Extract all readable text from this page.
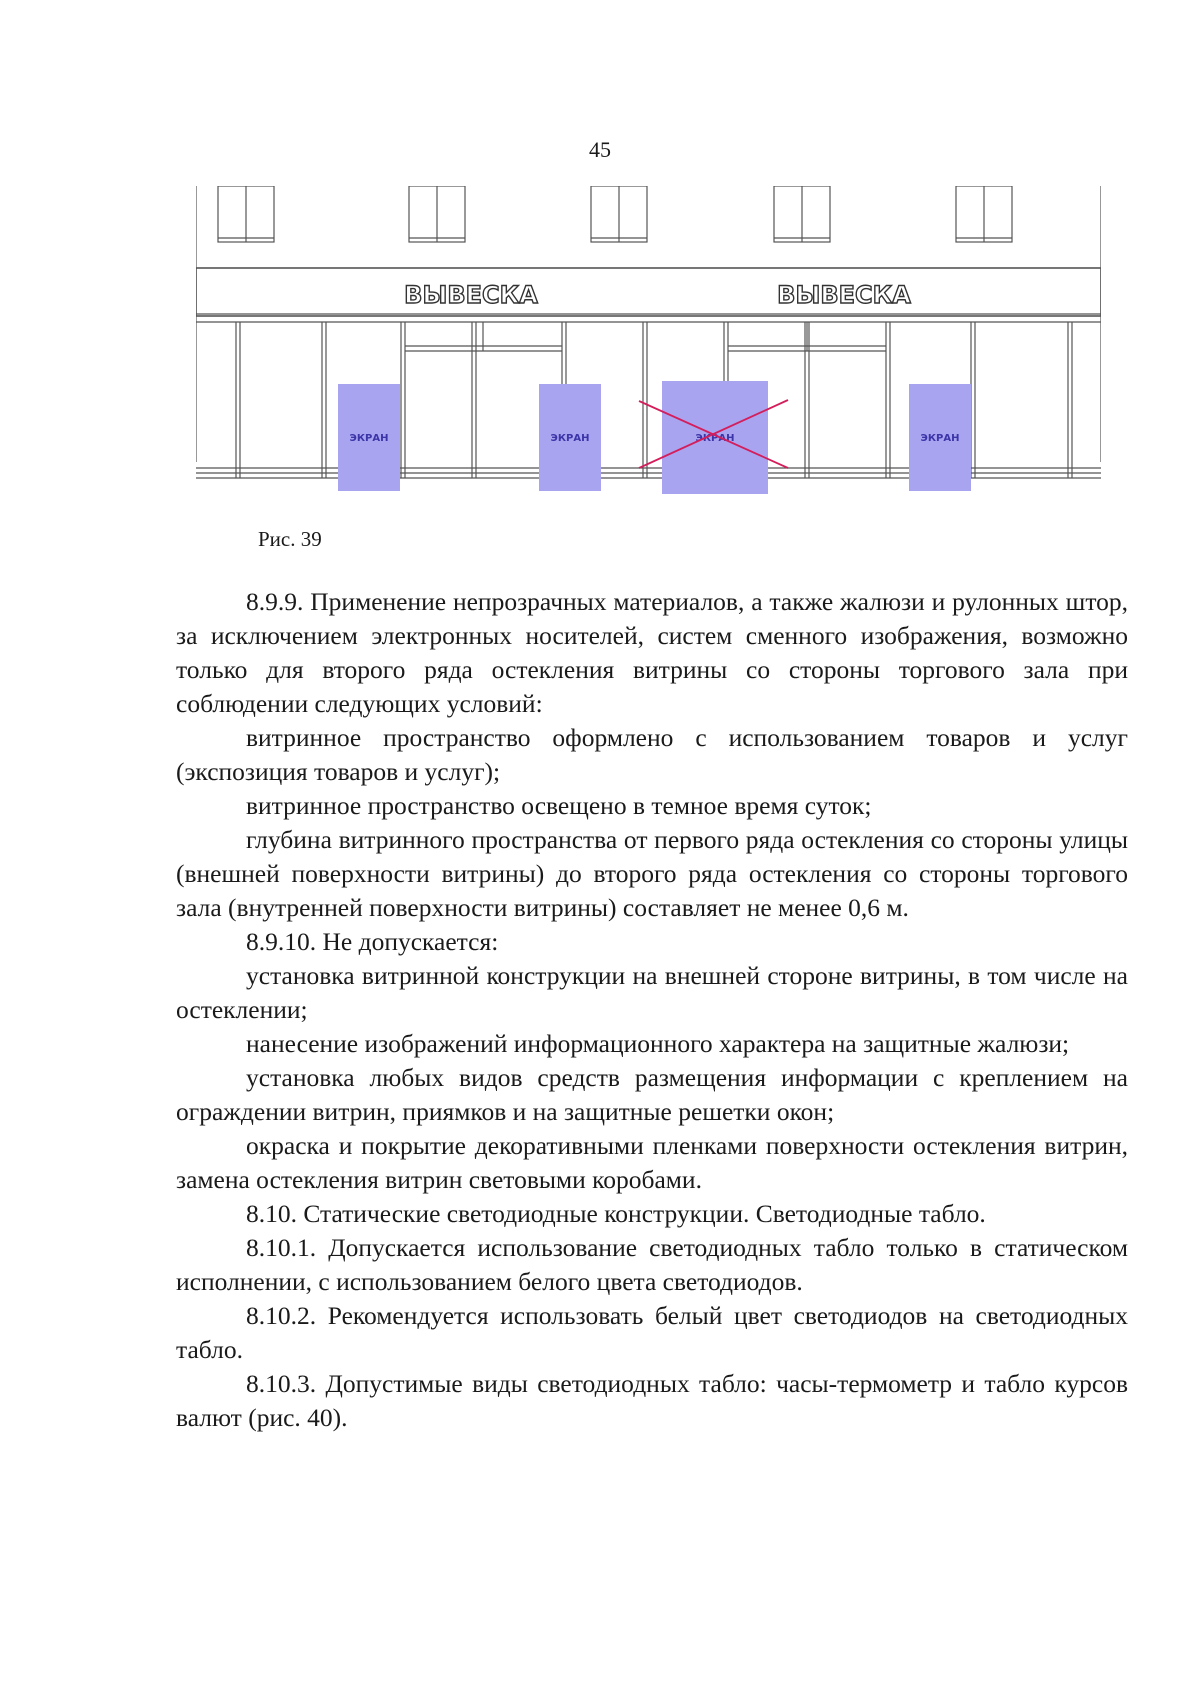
45
ВЫВЕСКА	ВЫВЕСКА
ЭКРАН	ЭКРАН	ЭКРАН	ЭКРАН
Рис. 39

8.9.9. Применение непрозрачных материалов, а также жалюзи и рулонных штор, за исключением электронных носителей, систем сменного изображения, возможно только для второго ряда остекления витрины со стороны торгового зала при соблюдении следующих условий:

витринное пространство оформлено с использованием товаров и услуг (экспозиция товаров и услуг);

витринное пространство освещено в темное время суток;

глубина витринного пространства от первого ряда остекления со стороны улицы (внешней поверхности витрины) до второго ряда остекления со стороны торгового зала (внутренней поверхности витрины) составляет не менее 0,6 м.

8.9.10. Не допускается:

установка витринной конструкции на внешней стороне витрины, в том числе на остеклении;

нанесение изображений информационного характера на защитные жалюзи;

установка любых видов средств размещения информации с креплением на ограждении витрин, приямков и на защитные решетки окон;

окраска и покрытие декоративными пленками поверхности остекления витрин, замена остекления витрин световыми коробами.

8.10. Статические светодиодные конструкции. Светодиодные табло.

8.10.1. Допускается использование светодиодных табло только в статическом исполнении, с использованием белого цвета светодиодов.

8.10.2. Рекомендуется использовать белый цвет светодиодов на светодиодных табло.

8.10.3. Допустимые виды светодиодных табло: часы-термометр и табло курсов валют (рис. 40).
